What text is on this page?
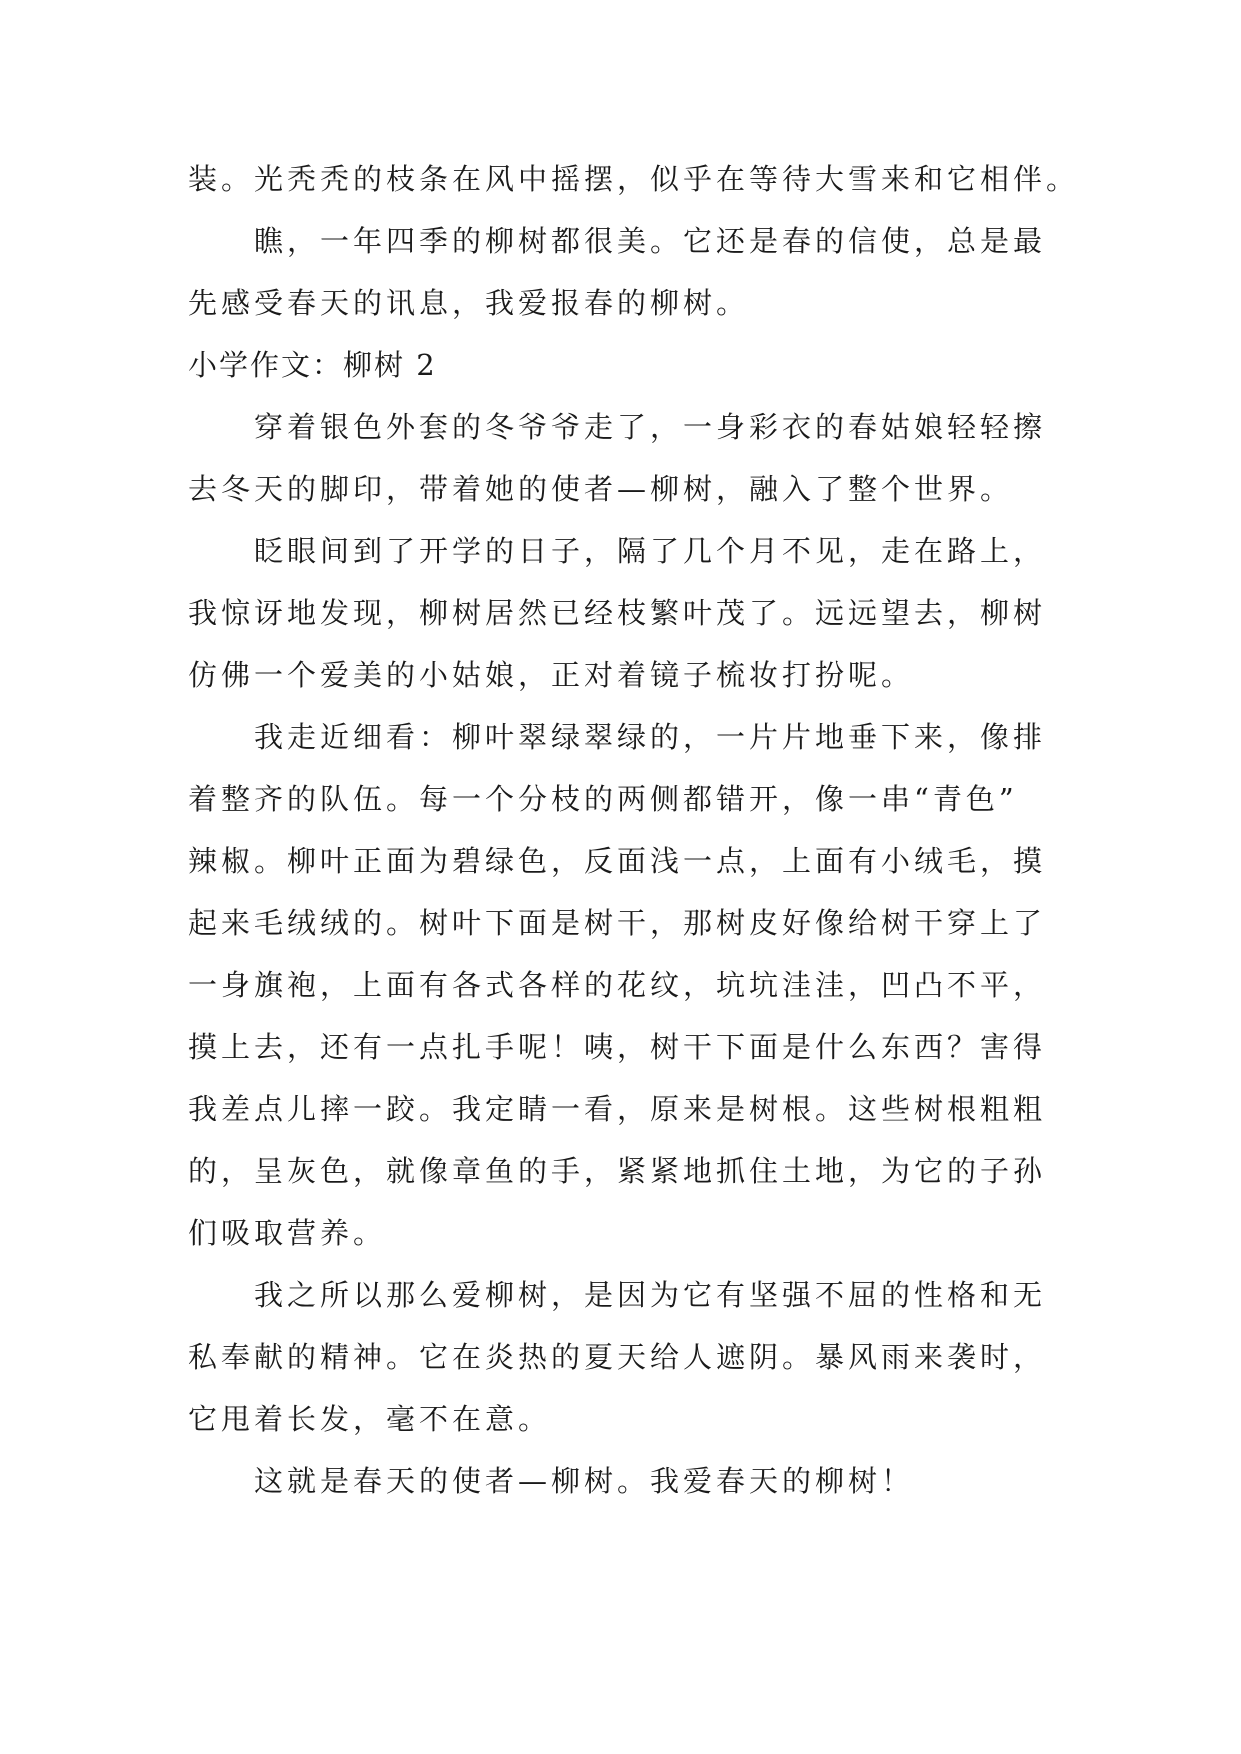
装。光秃秃的枝条在风中摇摆，似乎在等待大雪来和它相伴。

瞧，一年四季的柳树都很美。它还是春的信使，总是最

先感受春天的讯息，我爱报春的柳树。

小学作文：柳树 2

穿着银色外套的冬爷爷走了，一身彩衣的春姑娘轻轻擦

去冬天的脚印，带着她的使者—柳树，融入了整个世界。

眨眼间到了开学的日子，隔了几个月不见，走在路上，

我惊讶地发现，柳树居然已经枝繁叶茂了。远远望去，柳树

仿佛一个爱美的小姑娘，正对着镜子梳妆打扮呢。

我走近细看：柳叶翠绿翠绿的，一片片地垂下来，像排

着整齐的队伍。每一个分枝的两侧都错开，像一串“青色”

辣椒。柳叶正面为碧绿色，反面浅一点，上面有小绒毛，摸

起来毛绒绒的。树叶下面是树干，那树皮好像给树干穿上了

一身旗袍，上面有各式各样的花纹，坑坑洼洼，凹凸不平，

摸上去，还有一点扎手呢！咦，树干下面是什么东西？害得

我差点儿摔一跤。我定睛一看，原来是树根。这些树根粗粗

的，呈灰色，就像章鱼的手，紧紧地抓住土地，为它的子孙

们吸取营养。

我之所以那么爱柳树，是因为它有坚强不屈的性格和无

私奉献的精神。它在炎热的夏天给人遮阴。暴风雨来袭时，

它甩着长发，毫不在意。

这就是春天的使者—柳树。我爱春天的柳树！
